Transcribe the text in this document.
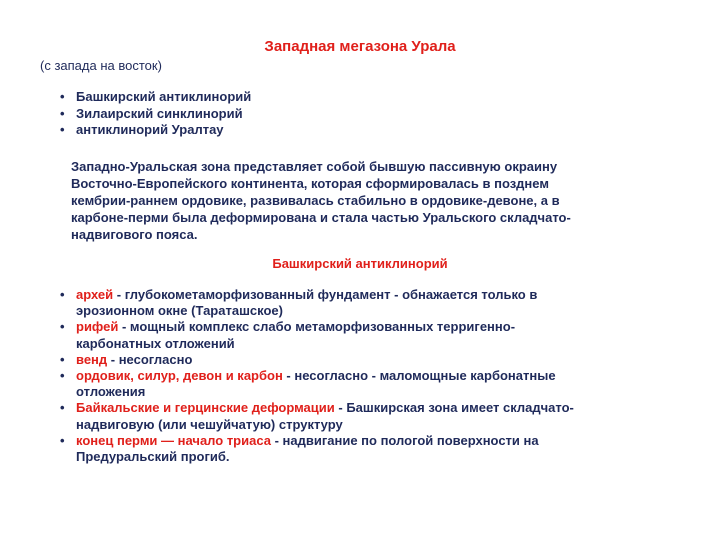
Западная мегазона Урала
(с запада на восток)
• Башкирский антиклинорий
• Зилаирский синклинорий
• антиклинорий Уралтау

Западно-Уральская зона представляет собой бывшую пассивную окраину Восточно-Европейского континента, которая сформировалась в позднем кембрии-раннем ордовике, развивалась стабильно в ордовике-девоне, а в карбоне-перми была деформирована и стала частью Уральского складчато-надвигового пояса.

Башкирский антиклинорий
• архей - глубокометаморфизованный фундамент - обнажается только в эрозионном окне (Тараташское)
• рифей - мощный комплекс слабо метаморфизованных терригенно-карбонатных отложений
• венд - несогласно
• ордовик, силур, девон и карбон - несогласно - маломощные карбонатные отложения
• Байкальские и герцинские деформации - Башкирская зона имеет складчато-надвиговую (или чешуйчатую) структуру
• конец перми — начало триаса - надвигание по пологой поверхности на Предуральский прогиб.
